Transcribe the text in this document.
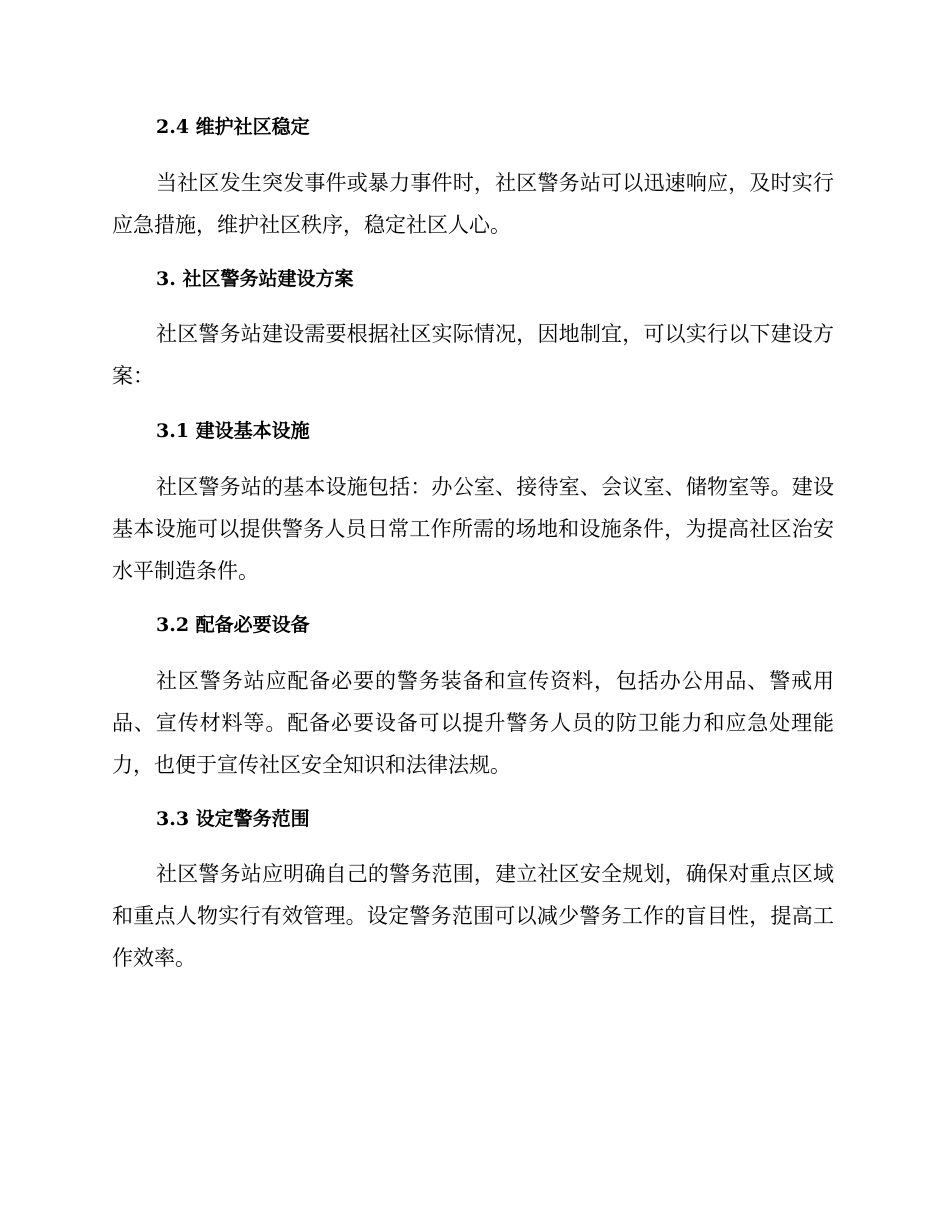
2.4 维护社区稳定

当社区发生突发事件或暴力事件时，社区警务站可以迅速响应，及时实行应急措施，维护社区秩序，稳定社区人心。

3. 社区警务站建设方案

社区警务站建设需要根据社区实际情况，因地制宜，可以实行以下建设方案：

3.1 建设基本设施

社区警务站的基本设施包括：办公室、接待室、会议室、储物室等。建设基本设施可以提供警务人员日常工作所需的场地和设施条件，为提高社区治安水平制造条件。

3.2 配备必要设备

社区警务站应配备必要的警务装备和宣传资料，包括办公用品、警戒用品、宣传材料等。配备必要设备可以提升警务人员的防卫能力和应急处理能力，也便于宣传社区安全知识和法律法规。

3.3 设定警务范围

社区警务站应明确自己的警务范围，建立社区安全规划，确保对重点区域和重点人物实行有效管理。设定警务范围可以减少警务工作的盲目性，提高工作效率。
